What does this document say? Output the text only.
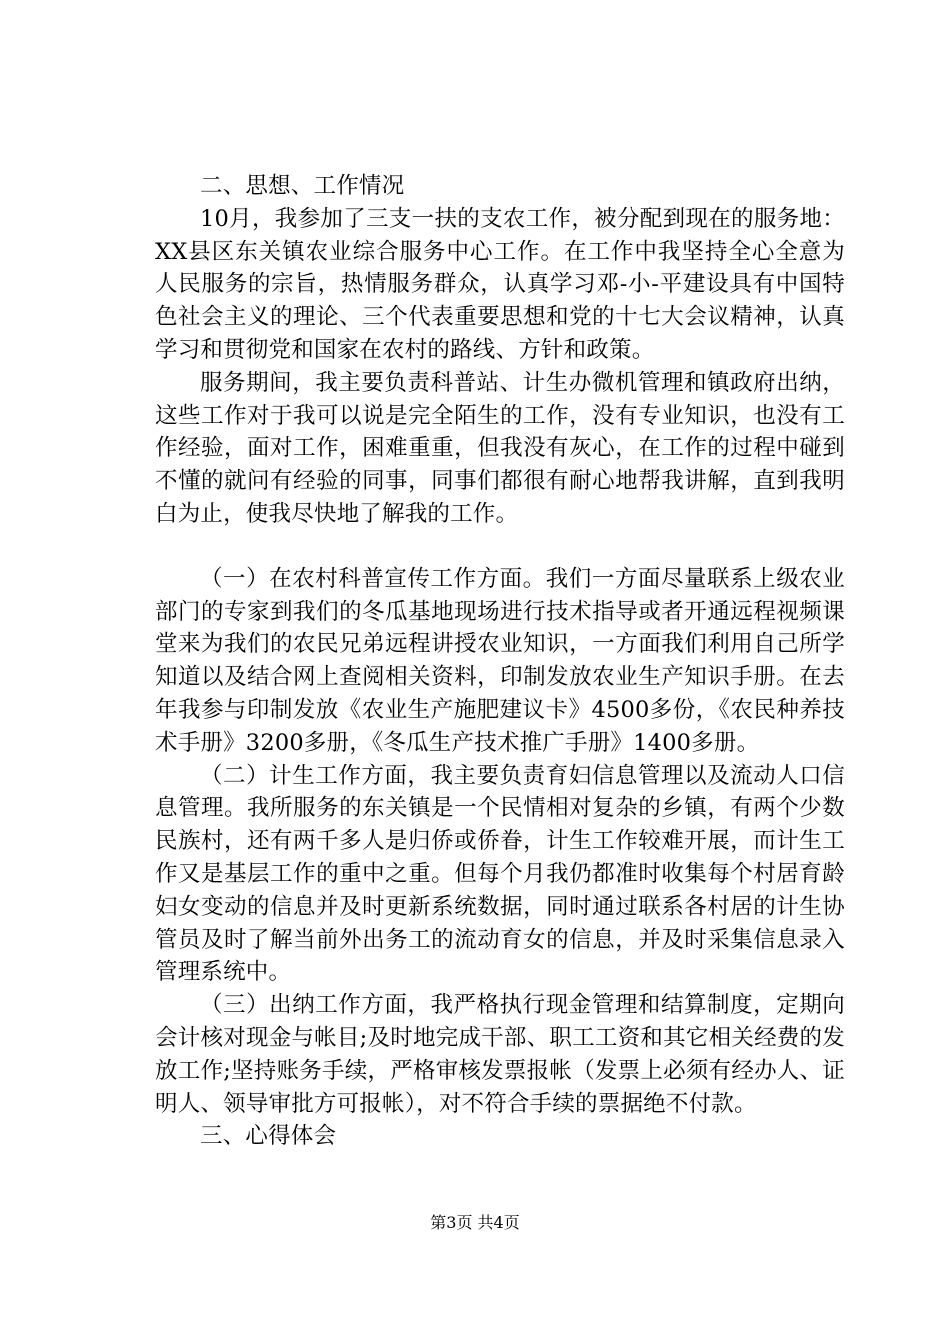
二、思想、工作情况

10月，我参加了三支一扶的支农工作，被分配到现在的服务地：XX县区东关镇农业综合服务中心工作。在工作中我坚持全心全意为人民服务的宗旨，热情服务群众，认真学习邓-小-平建设具有中国特色社会主义的理论、三个代表重要思想和党的十七大会议精神，认真学习和贯彻党和国家在农村的路线、方针和政策。

服务期间，我主要负责科普站、计生办微机管理和镇政府出纳，这些工作对于我可以说是完全陌生的工作，没有专业知识，也没有工作经验，面对工作，困难重重，但我没有灰心，在工作的过程中碰到不懂的就问有经验的同事，同事们都很有耐心地帮我讲解，直到我明白为止，使我尽快地了解我的工作。

（一）在农村科普宣传工作方面。我们一方面尽量联系上级农业部门的专家到我们的冬瓜基地现场进行技术指导或者开通远程视频课堂来为我们的农民兄弟远程讲授农业知识，一方面我们利用自己所学知道以及结合网上查阅相关资料，印制发放农业生产知识手册。在去年我参与印制发放《农业生产施肥建议卡》4500多份，《农民种养技术手册》3200多册，《冬瓜生产技术推广手册》1400多册。

（二）计生工作方面，我主要负责育妇信息管理以及流动人口信息管理。我所服务的东关镇是一个民情相对复杂的乡镇，有两个少数民族村，还有两千多人是归侨或侨眷，计生工作较难开展，而计生工作又是基层工作的重中之重。但每个月我仍都准时收集每个村居育龄妇女变动的信息并及时更新系统数据，同时通过联系各村居的计生协管员及时了解当前外出务工的流动育女的信息，并及时采集信息录入管理系统中。

（三）出纳工作方面，我严格执行现金管理和结算制度，定期向会计核对现金与帐目;及时地完成干部、职工工资和其它相关经费的发放工作;坚持账务手续，严格审核发票报帐（发票上必须有经办人、证明人、领导审批方可报帐），对不符合手续的票据绝不付款。

三、心得体会

第3页 共4页
